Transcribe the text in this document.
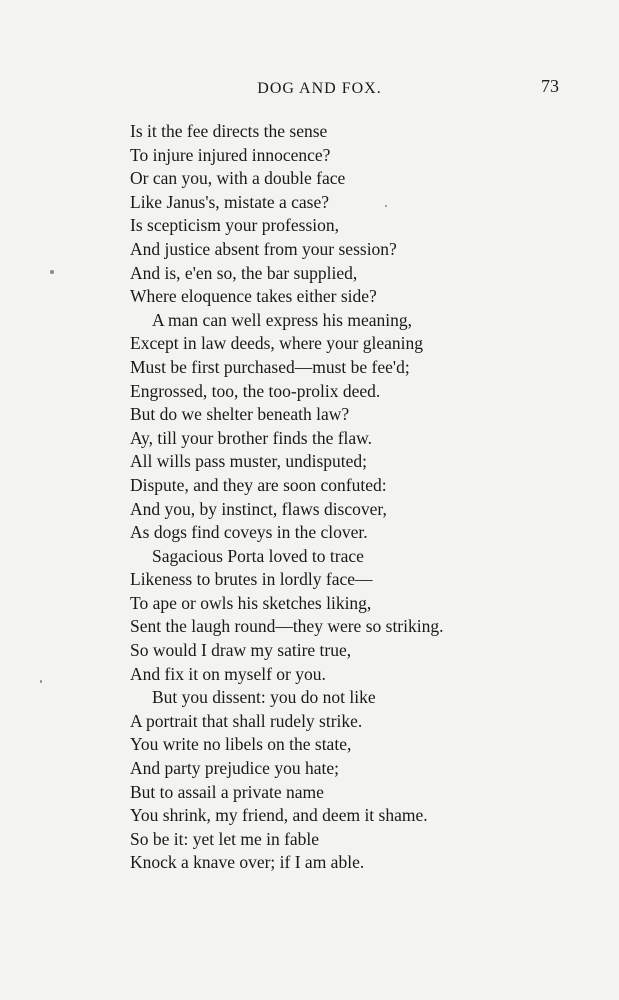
DOG AND FOX.	73
Is it the fee directs the sense
To injure injured innocence?
Or can you, with a double face
Like Janus's, mistate a case?
Is scepticism your profession,
And justice absent from your session?
And is, e'en so, the bar supplied,
Where eloquence takes either side?
A man can well express his meaning,
Except in law deeds, where your gleaning
Must be first purchased—must be fee'd;
Engrossed, too, the too-prolix deed.
But do we shelter beneath law?
Ay, till your brother finds the flaw.
All wills pass muster, undisputed;
Dispute, and they are soon confuted:
And you, by instinct, flaws discover,
As dogs find coveys in the clover.
Sagacious Porta loved to trace
Likeness to brutes in lordly face—
To ape or owls his sketches liking,
Sent the laugh round—they were so striking.
So would I draw my satire true,
And fix it on myself or you.
But you dissent: you do not like
A portrait that shall rudely strike.
You write no libels on the state,
And party prejudice you hate;
But to assail a private name
You shrink, my friend, and deem it shame.
So be it: yet let me in fable
Knock a knave over; if I am able.
